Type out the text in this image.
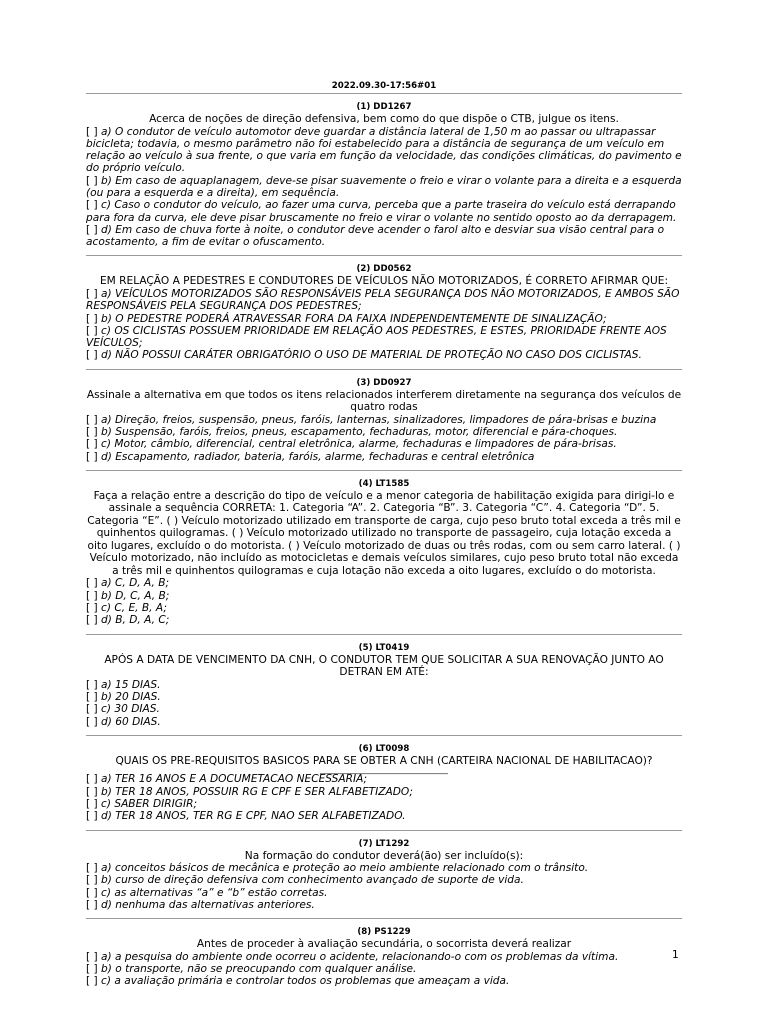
2022.09.30-17:56#01
(1) DD1267
Acerca de noções de direção defensiva, bem como do que dispõe o CTB, julgue os itens.
[ ] a) O condutor de veículo automotor deve guardar a distância lateral de 1,50 m ao passar ou ultrapassar bicicleta; todavia, o mesmo parâmetro não foi estabelecido para a distância de segurança de um veículo em relação ao veículo à sua frente, o que varia em função da velocidade, das condições climáticas, do pavimento e do próprio veículo.
[ ] b) Em caso de aquaplanagem, deve-se pisar suavemente o freio e virar o volante para a direita e a esquerda (ou para a esquerda e a direita), em sequência.
[ ] c) Caso o condutor do veículo, ao fazer uma curva, perceba que a parte traseira do veículo está derrapando para fora da curva, ele deve pisar bruscamente no freio e virar o volante no sentido oposto ao da derrapagem.
[ ] d) Em caso de chuva forte à noite, o condutor deve acender o farol alto e desviar sua visão central para o acostamento, a fim de evitar o ofuscamento.
(2) DD0562
EM RELAÇÃO A PEDESTRES E CONDUTORES DE VEÍCULOS NÃO MOTORIZADOS, É CORRETO AFIRMAR QUE:
[ ] a) VEÍCULOS MOTORIZADOS SÃO RESPONSÁVEIS PELA SEGURANÇA DOS NÃO MOTORIZADOS, E AMBOS SÃO RESPONSÁVEIS PELA SEGURANÇA DOS PEDESTRES;
[ ] b) O PEDESTRE PODERÁ ATRAVESSAR FORA DA FAIXA INDEPENDENTEMENTE DE SINALIZAÇÃO;
[ ] c) OS CICLISTAS POSSUEM PRIORIDADE EM RELAÇÃO AOS PEDESTRES, E ESTES, PRIORIDADE FRENTE AOS VEÍCULOS;
[ ] d) NÃO POSSUI CARÁTER OBRIGATÓRIO O USO DE MATERIAL DE PROTEÇÃO NO CASO DOS CICLISTAS.
(3) DD0927
Assinale a alternativa em que todos os itens relacionados interferem diretamente na segurança dos veículos de quatro rodas
[ ] a) Direção, freios, suspensão, pneus, faróis, lanternas, sinalizadores, limpadores de pára-brisas e buzina
[ ] b) Suspensão, faróis, freios, pneus, escapamento, fechaduras, motor, diferencial e pára-choques.
[ ] c) Motor, câmbio, diferencial, central eletrônica, alarme, fechaduras e limpadores de pára-brisas.
[ ] d) Escapamento, radiador, bateria, faróis, alarme, fechaduras e central eletrônica
(4) LT1585
Faça a relação entre a descrição do tipo de veículo e a menor categoria de habilitação exigida para dirigi-lo e assinale a sequência CORRETA: 1. Categoria “A”. 2. Categoria “B”. 3. Categoria “C”. 4. Categoria “D”. 5. Categoria “E”. ( ) Veículo motorizado utilizado em transporte de carga, cujo peso bruto total exceda a três mil e quinhentos quilogramas. ( ) Veículo motorizado utilizado no transporte de passageiro, cuja lotação exceda a oito lugares, excluído o do motorista. ( ) Veículo motorizado de duas ou três rodas, com ou sem carro lateral. ( ) Veículo motorizado, não incluído as motocicletas e demais veículos similares, cujo peso bruto total não exceda a três mil e quinhentos quilogramas e cuja lotação não exceda a oito lugares, excluído o do motorista.
[ ] a) C, D, A, B;
[ ] b) D, C, A, B;
[ ] c) C, E, B, A;
[ ] d) B, D, A, C;
(5) LT0419
APÓS A DATA DE VENCIMENTO DA CNH, O CONDUTOR TEM QUE SOLICITAR A SUA RENOVAÇÃO JUNTO AO DETRAN EM ATÉ:
[ ] a) 15 DIAS.
[ ] b) 20 DIAS.
[ ] c) 30 DIAS.
[ ] d) 60 DIAS.
(6) LT0098
QUAIS OS PRE-REQUISITOS BASICOS PARA SE OBTER A CNH (CARTEIRA NACIONAL DE HABILITACAO)?
________________________________
[ ] a) TER 16 ANOS E A DOCUMETACAO NECESSARIA;
[ ] b) TER 18 ANOS, POSSUIR RG E CPF E SER ALFABETIZADO;
[ ] c) SABER DIRIGIR;
[ ] d) TER 18 ANOS, TER RG E CPF, NAO SER ALFABETIZADO.
(7) LT1292
Na formação do condutor deverá(ão) ser incluído(s):
[ ] a) conceitos básicos de mecânica e proteção ao meio ambiente relacionado com o trânsito.
[ ] b) curso de direção defensiva com conhecimento avançado de suporte de vida.
[ ] c) as alternativas “a” e “b” estão corretas.
[ ] d) nenhuma das alternativas anteriores.
(8) PS1229
Antes de proceder à avaliação secundária, o socorrista deverá realizar
[ ] a) a pesquisa do ambiente onde ocorreu o acidente, relacionando-o com os problemas da vítima.
[ ] b) o transporte, não se preocupando com qualquer análise.
[ ] c) a avaliação primária e controlar todos os problemas que ameaçam a vida.
1
